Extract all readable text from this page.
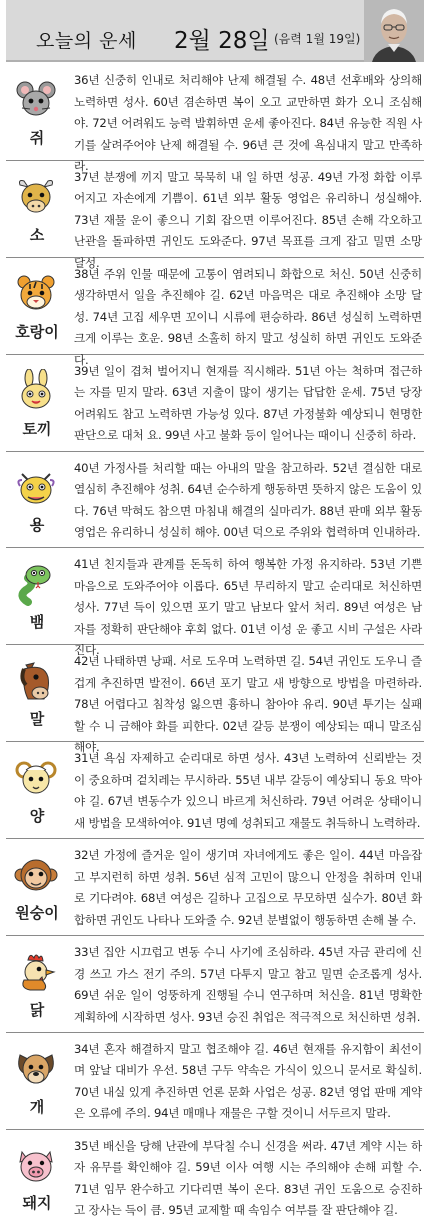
오늘의 운세 2월 28일 (음력 1월 19일)
쥐
36년 신중히 인내로 처리해야 난제 해결될 수. 48년 선후배와 상의해 노력하면 성사. 60년 겸손하면 복이 오고 교만하면 화가 오니 조심해야. 72년 어려워도 능력 발휘하면 운세 좋아진다. 84년 유능한 직원 사기를 살려주어야 난제 해결될 수. 96년 큰 것에 욕심내지 말고 만족하라.
소
37년 분쟁에 끼지 말고 묵묵히 내 일 하면 성공. 49년 가정 화합 이루어지고 자손에게 기쁨이. 61년 외부 활동 영업은 유리하니 성실해야. 73년 재물 운이 좋으니 기회 잡으면 이루어진다. 85년 손해 각오하고 난관을 돌파하면 귀인도 도와준다. 97년 목표를 크게 잡고 밀면 소망 달성.
호랑이
38년 주위 인물 때문에 고통이 염려되니 화합으로 처신. 50년 신중히 생각하면서 일을 추진해야 길. 62년 마음먹은 대로 추진해야 소망 달성. 74년 고집 세우면 꼬이니 시류에 편승하라. 86년 성실히 노력하면 크게 이루는 호운. 98년 소홀히 하지 말고 성실히 하면 귀인도 도와준다.
토끼
39년 일이 겹쳐 벌어지니 현재를 직시해라. 51년 아는 척하며 접근하는 자를 믿지 말라. 63년 지출이 많이 생기는 답답한 운세. 75년 당장 어려워도 참고 노력하면 가능성 있다. 87년 가정불화 예상되니 현명한 판단으로 대처 요. 99년 사고 불화 등이 일어나는 때이니 신중히 하라.
용
40년 가정사를 처리할 때는 아내의 말을 참고하라. 52년 결심한 대로 열심히 추진해야 성취. 64년 순수하게 행동하면 뜻하지 않은 도움이 있다. 76년 막혀도 참으면 마침내 해결의 실마리가. 88년 판매 외부 활동 영업은 유리하니 성실히 해야. 00년 덕으로 주위와 협력하며 인내하라.
뱀
41년 친지들과 관계를 돈독히 하여 행복한 가정 유지하라. 53년 기쁜 마음으로 도와주어야 이롭다. 65년 무리하지 말고 순리대로 처신하면 성사. 77년 득이 있으면 포기 말고 남보다 앞서 처리. 89년 여성은 남자를 정확히 판단해야 후회 없다. 01년 이성 운 좋고 시비 구설은 사라진다.
말
42년 나태하면 낭패. 서로 도우며 노력하면 길. 54년 귀인도 도우니 즐겁게 추진하면 발전이. 66년 포기 말고 새 방향으로 방법을 마련하라. 78년 어렵다고 침착성 잃으면 흉하니 참아야 유리. 90년 투기는 실패할 수 니 금해야 화를 피한다. 02년 갈등 분쟁이 예상되는 때니 말조심해야.
양
31년 욕심 자제하고 순리대로 하면 성사. 43년 노력하여 신뢰받는 것이 중요하며 겉치레는 무시하라. 55년 내부 갈등이 예상되니 동요 막아야 길. 67년 변동수가 있으니 바르게 처신하라. 79년 어려운 상태이니 새 방법을 모색하여야. 91년 명예 성취되고 재물도 취득하니 노력하라.
원숭이
32년 가정에 즐거운 일이 생기며 자녀에게도 좋은 일이. 44년 마음잡고 부지런히 하면 성취. 56년 심적 고민이 많으니 안정을 취하며 인내로 기다려야. 68년 여성은 길하나 고집으로 무모하면 실수가. 80년 화합하면 귀인도 나타나 도와줄 수. 92년 분별없이 행동하면 손해 볼 수.
닭
33년 집안 시끄럽고 변동 수니 사기에 조심하라. 45년 자금 관리에 신경 쓰고 가스 전기 주의. 57년 다투지 말고 참고 밀면 순조롭게 성사. 69년 쉬운 일이 엉뚱하게 진행될 수니 연구하며 처신을. 81년 명확한 계획하에 시작하면 성사. 93년 승진 취업은 적극적으로 처신하면 성취.
개
34년 혼자 해결하지 말고 협조해야 길. 46년 현재를 유지함이 최선이며 앞날 대비가 우선. 58년 구두 약속은 가식이 있으니 문서로 확실히. 70년 내실 있게 추진하면 언론 문화 사업은 성공. 82년 영업 판매 계약은 오류에 주의. 94년 매매나 재물은 구할 것이니 서두르지 말라.
돼지
35년 배신을 당해 난관에 부닥칠 수니 신경을 써라. 47년 계약 시는 하자 유무를 확인해야 길. 59년 이사 여행 시는 주의해야 손해 피할 수. 71년 임무 완수하고 기다리면 복이 온다. 83년 귀인 도움으로 승진하고 장사는 득이 큼. 95년 교제할 때 속임수 여부를 잘 판단해야 길.
